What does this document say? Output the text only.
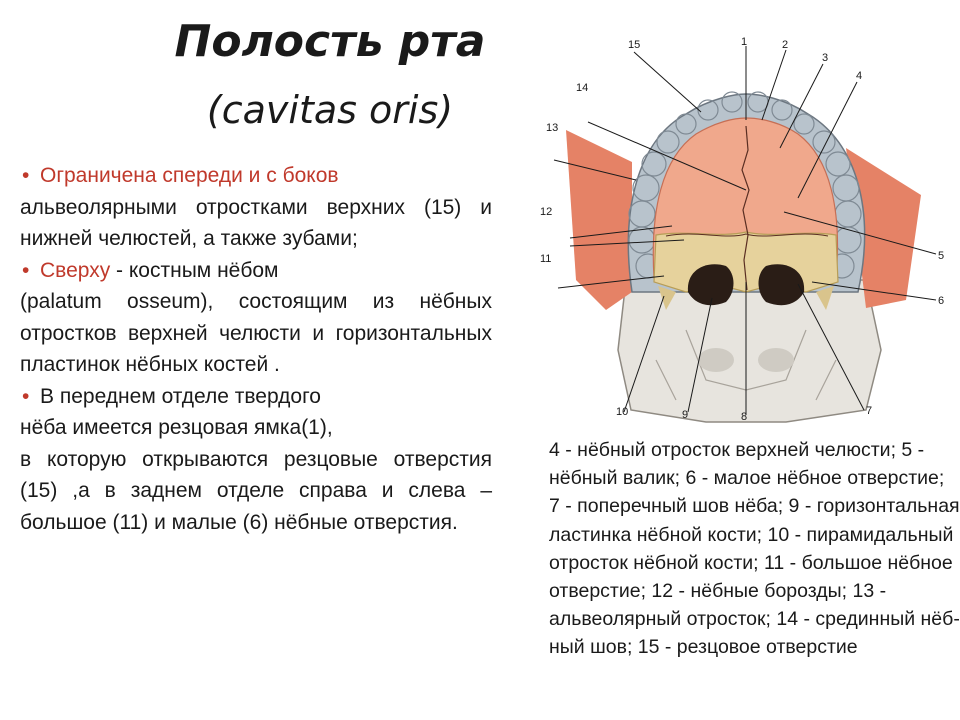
Полость рта
(cavitas oris)

• Ограничена спереди и с боков

альвеолярными отростками верхних (15) и нижней челюстей, а также зубами;

• Сверху - костным нёбом

(palatum osseum), состоящим из нёбных отростков верхней челюсти и горизонтальных пластинок нёбных костей .

• В переднем отделе твердого

нёба имеется резцовая ямка(1),

в которую открываются резцовые отверстия (15) ,а в заднем отделе справа и слева – большое (11) и малые (6) нёбные отверстия.

15	1	2
3
4
14
13
12
11	5
6
10	9	8	7

4 - нёбный отросток верхней челюсти; 5 - нёбный валик; 6 - малое нёбное отверстие; 7 - поперечный шов нёба; 9 - горизонтальная ластинка нёбной кости; 10 - пирамидальный отросток нёбной кости; 11 - большое нёбное отверстие; 12 - нёбные борозды; 13 - альвеолярный отросток; 14 - срединный нёб- ный шов; 15 - резцовое отверстие
